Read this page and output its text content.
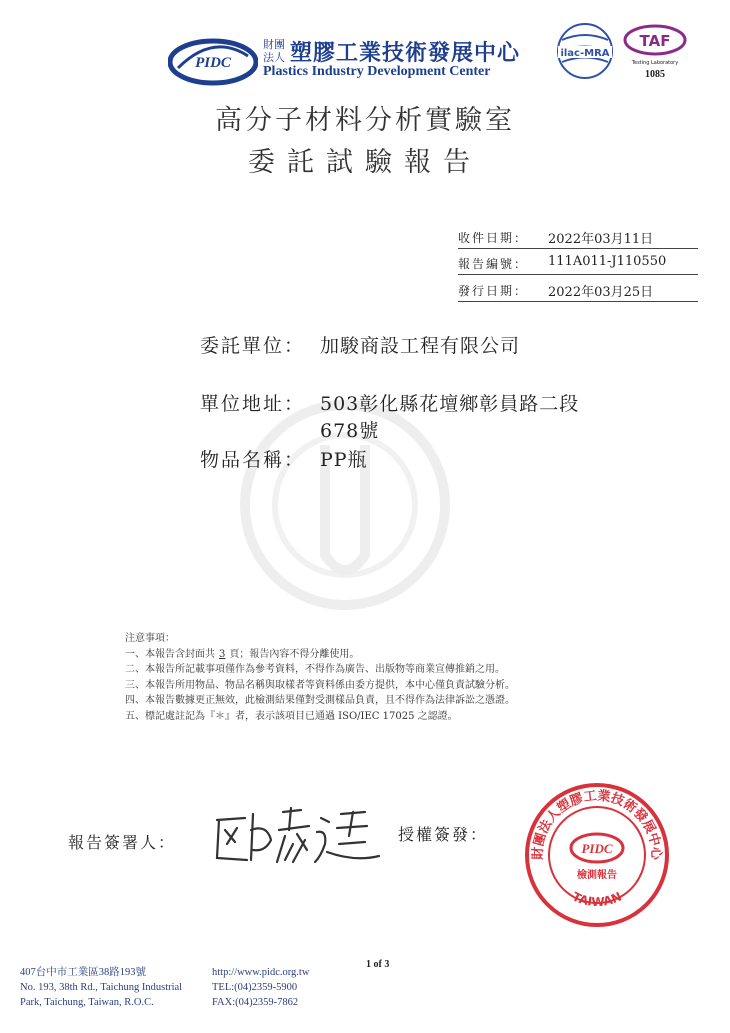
PIDC
財團法人 塑膠工業技術發展中心
Plastics Industry Development Center
ilac-MRA
TAF
Testing Laboratory
1085
高分子材料分析實驗室
委託試驗報告
收件日期： 2022年03月11日
報告編號： 111A011-J110550
發行日期： 2022年03月25日
委託單位： 加駿商設工程有限公司
單位地址： 503彰化縣花壇鄉彰員路二段
678號
物品名稱： PP瓶
注意事項：
一、本報告含封面共 3 頁；報告內容不得分離使用。
二、本報告所記載事項僅作為參考資料，不得作為廣告、出版物等商業宣傳推銷之用。
三、本報告所用物品、物品名稱與取樣者等資料係由委方提供，本中心僅負責試驗分析。
四、本報告數據更正無效，此檢測結果僅對受測樣品負責，且不得作為法律訴訟之憑證。
五、標記處註記為『＊』者，表示該項目已通過 ISO/IEC 17025 之認證。
報告簽署人：	授權簽發：
財團法人塑膠工業技術發展中心
PIDC
檢測報告
TAIWAN
1 of 3
407台中市工業區38路193號
No. 193, 38th Rd., Taichung Industrial
Park, Taichung, Taiwan, R.O.C.
http://www.pidc.org.tw
TEL:(04)2359-5900
FAX:(04)2359-7862
